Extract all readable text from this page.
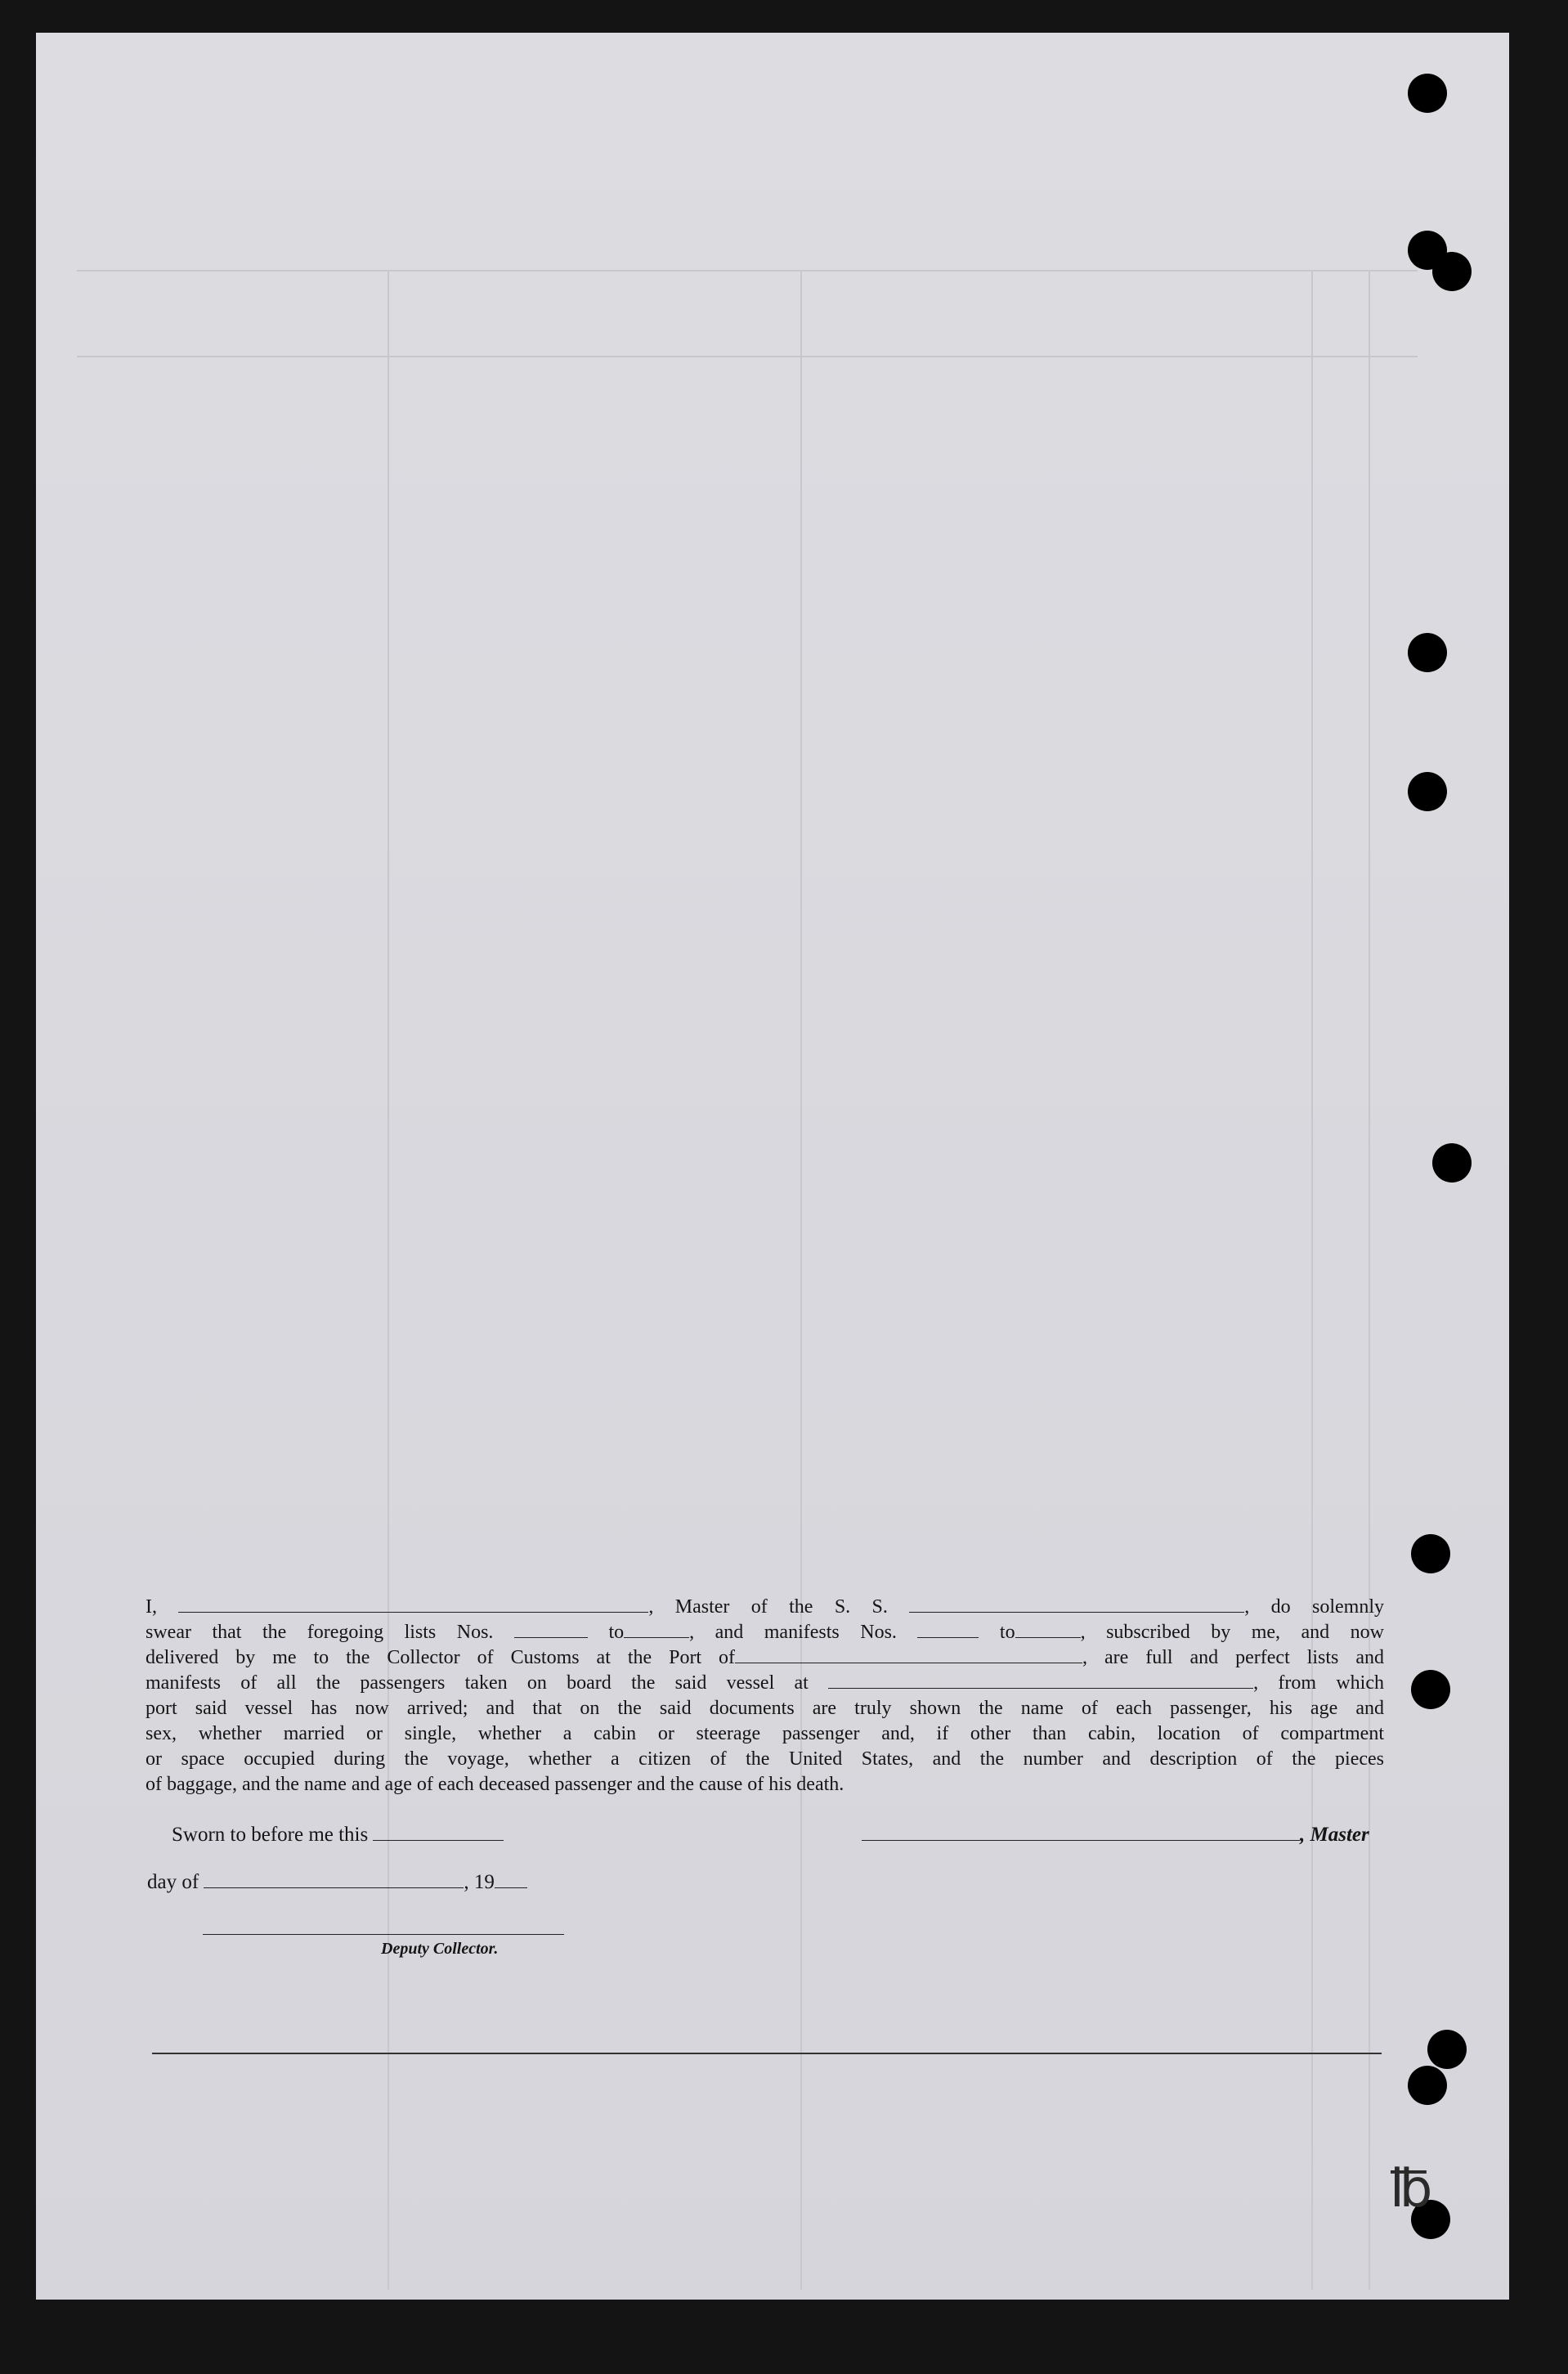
I,	, Master of the S. S.	, do solemnly

swear that the foregoing lists Nos.	to	, and manifests Nos.	to	, subscribed by me, and now

delivered by me to the Collector of Customs at the Port of	, are full and perfect lists and

manifests of all the passengers taken on board the said vessel at	, from which

port said vessel has now arrived; and that on the said documents are truly shown the name of each passenger, his age and

sex, whether married or single, whether a cabin or steerage passenger and, if other than cabin, location of compartment

or space occupied during the voyage, whether a citizen of the United States, and the number and description of the pieces

of baggage, and the name and age of each deceased passenger and the cause of his death.

Sworn to before me this	, Master
day of	, 19
Deputy Collector.
℔
